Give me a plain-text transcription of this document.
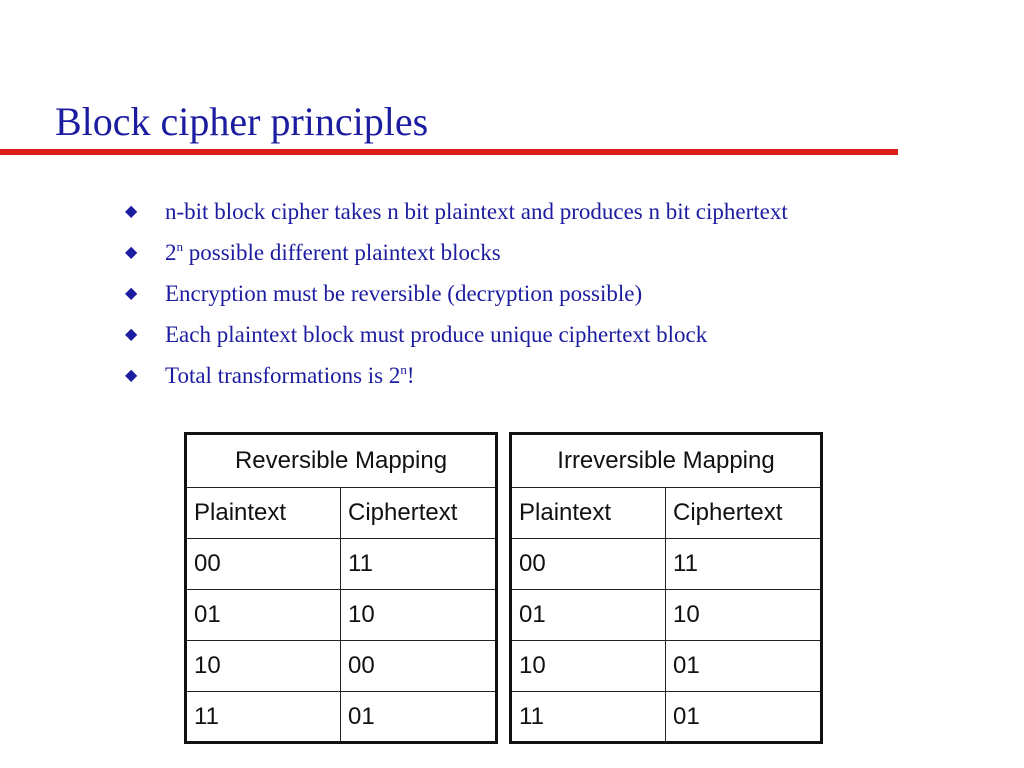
Block cipher principles
◆	n-bit block cipher takes n bit plaintext and produces n bit ciphertext
◆	2$^n$ possible different plaintext blocks
◆	Encryption must be reversible (decryption possible)
◆	Each plaintext block must produce unique ciphertext block
◆	Total transformations is 2$^n$!
Reversible Mapping	
Plaintext	Ciphertext
00	11
01	10
10	00
11	01
Irreversible Mapping	
Plaintext	Ciphertext
00	11
01	10
10	01
11	01
